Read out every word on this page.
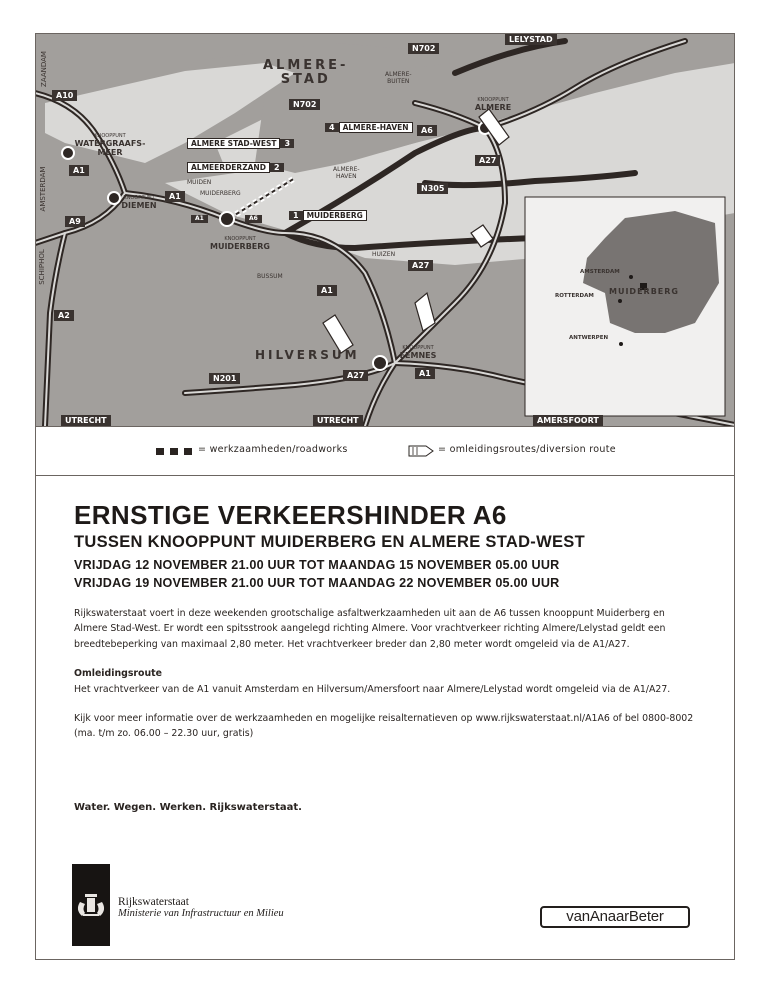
LELYSTAD
ZAANDAM
AMSTERDAM
SCHIPHOL
UTRECHT	UTRECHT	AMERSFOORT
ALMERE-
STAD
HILVERSUM
ALMERE-
BUITEN
ALMERE-
HAVEN
MUIDEN
MUIDERBERG
HUIZEN
BUSSUM
KNOOPPUNT
WATERGRAAFS-
MEER
KNOOPPUNT
DIEMEN
KNOOPPUNT
MUIDERBERG
KNOOPPUNT
ALMERE
KNOOPPUNT
EEMNES
N702
N702
A10
A1
A9
A2
A6
A27
N305
A1
A1	A6
A27
A1
A27	A1
N201
ALMERE STAD-WEST 3
ALMEERDERZAND 2
4 ALMERE-HAVEN
1 MUIDERBERG
AMSTERDAM
ROTTERDAM MUIDERBERG
ANTWERPEN
= werkzaamheden/roadworks	= omleidingsroutes/diversion route
ERNSTIGE VERKEERSHINDER A6
TUSSEN KNOOPPUNT MUIDERBERG EN ALMERE STAD-WEST
VRIJDAG 12 NOVEMBER 21.00 UUR TOT MAANDAG 15 NOVEMBER 05.00 UUR
VRIJDAG 19 NOVEMBER 21.00 UUR TOT MAANDAG 22 NOVEMBER 05.00 UUR

Rijkswaterstaat voert in deze weekenden grootschalige asfaltwerkzaamheden uit aan de A6 tussen knooppunt Muiderberg en Almere Stad-West. Er wordt een spitsstrook aangelegd richting Almere. Voor vrachtverkeer richting Almere/Lelystad geldt een breedtebeperking van maximaal 2,80 meter. Het vrachtverkeer breder dan 2,80 meter wordt omgeleid via de A1/A27.

Omleidingsroute

Het vrachtverkeer van de A1 vanuit Amsterdam en Hilversum/Amersfoort naar Almere/Lelystad wordt omgeleid via de A1/A27.

Kijk voor meer informatie over de werkzaamheden en mogelijke reisalternatieven op www.rijkswaterstaat.nl/A1A6 of bel 0800-8002 (ma. t/m zo. 06.00 – 22.30 uur, gratis)

Water. Wegen. Werken. Rijkswaterstaat.

Rijkswaterstaat
Ministerie van Infrastructuur en Milieu	vanAnaarBeter
